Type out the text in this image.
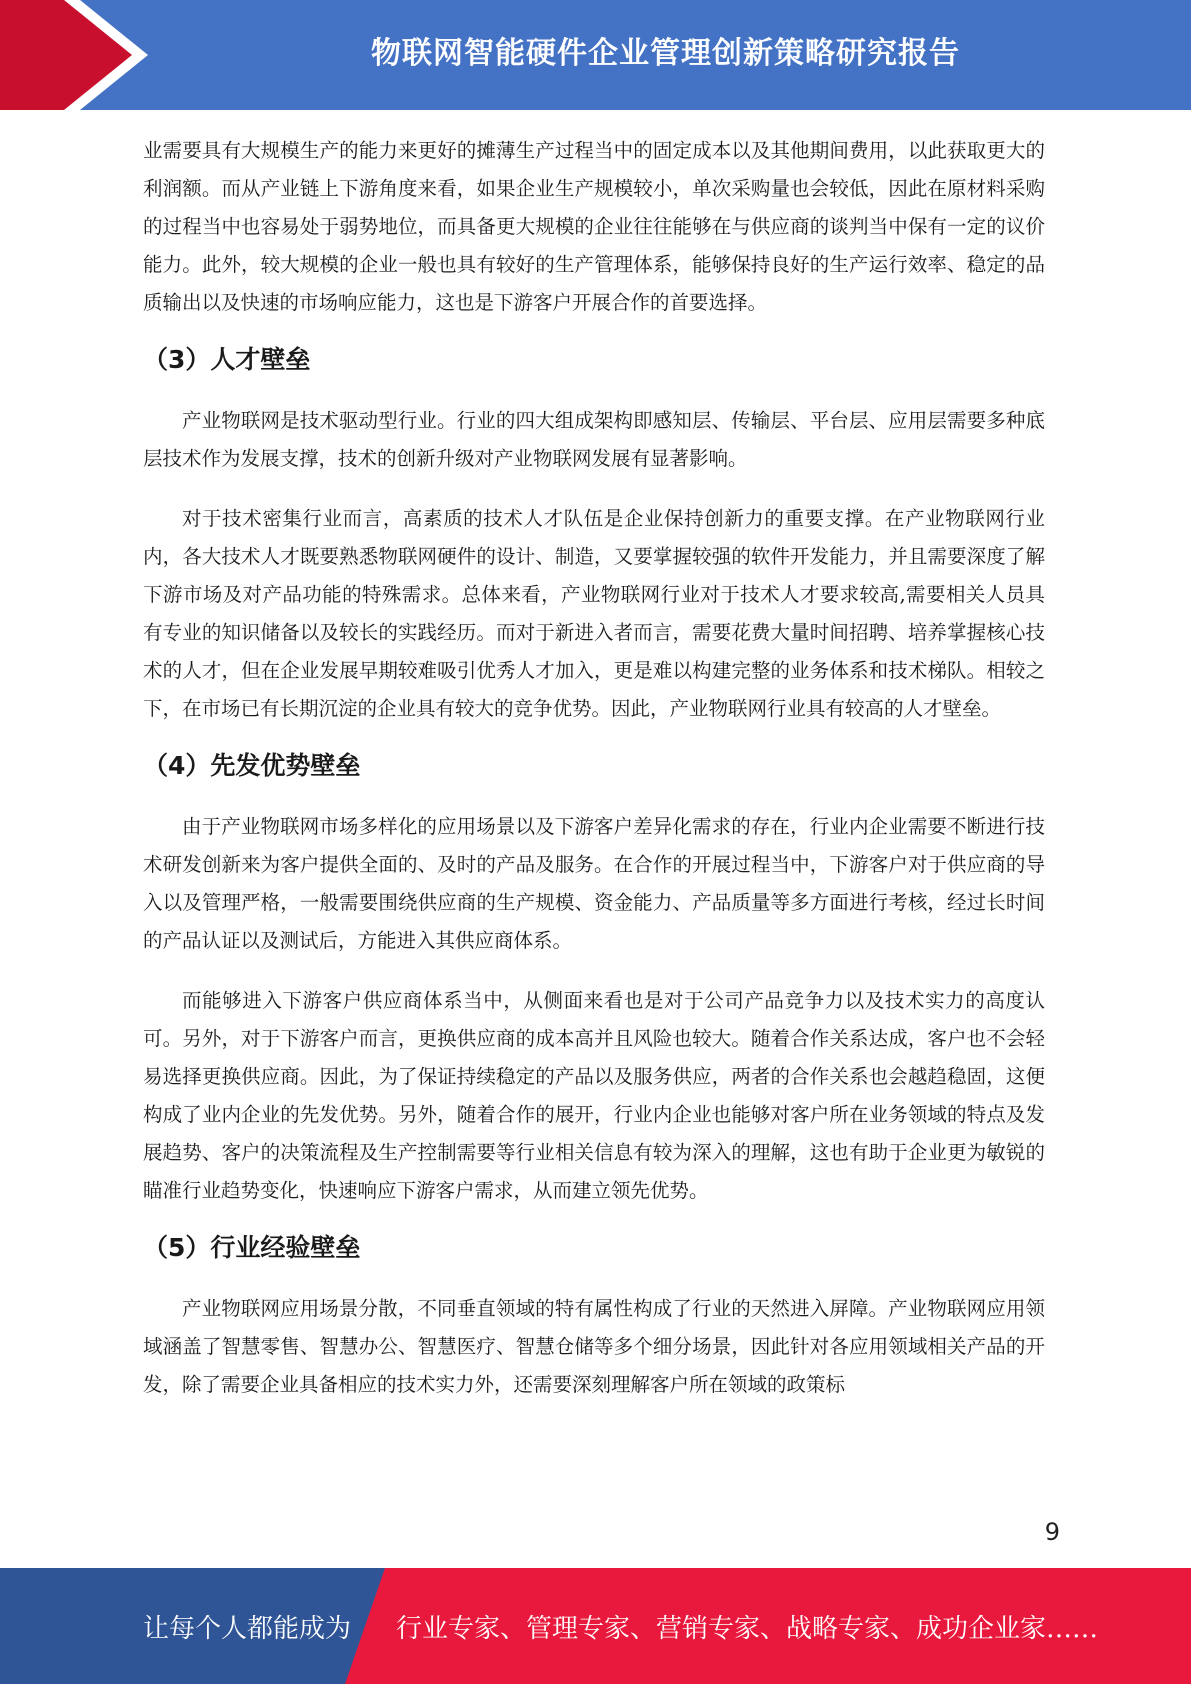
物联网智能硬件企业管理创新策略研究报告

业需要具有大规模生产的能力来更好的摊薄生产过程当中的固定成本以及其他期间费用，以此获取更大的利润额。而从产业链上下游角度来看，如果企业生产规模较小，单次采购量也会较低，因此在原材料采购的过程当中也容易处于弱势地位，而具备更大规模的企业往往能够在与供应商的谈判当中保有一定的议价能力。此外，较大规模的企业一般也具有较好的生产管理体系，能够保持良好的生产运行效率、稳定的品质输出以及快速的市场响应能力，这也是下游客户开展合作的首要选择。

（3）人才壁垒

产业物联网是技术驱动型行业。行业的四大组成架构即感知层、传输层、平台层、应用层需要多种底层技术作为发展支撑，技术的创新升级对产业物联网发展有显著影响。

对于技术密集行业而言，高素质的技术人才队伍是企业保持创新力的重要支撑。在产业物联网行业内，各大技术人才既要熟悉物联网硬件的设计、制造，又要掌握较强的软件开发能力，并且需要深度了解下游市场及对产品功能的特殊需求。总体来看，产业物联网行业对于技术人才要求较高,需要相关人员具有专业的知识储备以及较长的实践经历。而对于新进入者而言，需要花费大量时间招聘、培养掌握核心技术的人才，但在企业发展早期较难吸引优秀人才加入，更是难以构建完整的业务体系和技术梯队。相较之下，在市场已有长期沉淀的企业具有较大的竞争优势。因此，产业物联网行业具有较高的人才壁垒。

（4）先发优势壁垒

由于产业物联网市场多样化的应用场景以及下游客户差异化需求的存在，行业内企业需要不断进行技术研发创新来为客户提供全面的、及时的产品及服务。在合作的开展过程当中，下游客户对于供应商的导入以及管理严格，一般需要围绕供应商的生产规模、资金能力、产品质量等多方面进行考核，经过长时间的产品认证以及测试后，方能进入其供应商体系。

而能够进入下游客户供应商体系当中，从侧面来看也是对于公司产品竞争力以及技术实力的高度认可。另外，对于下游客户而言，更换供应商的成本高并且风险也较大。随着合作关系达成，客户也不会轻易选择更换供应商。因此，为了保证持续稳定的产品以及服务供应，两者的合作关系也会越趋稳固，这便构成了业内企业的先发优势。另外，随着合作的展开，行业内企业也能够对客户所在业务领域的特点及发展趋势、客户的决策流程及生产控制需要等行业相关信息有较为深入的理解，这也有助于企业更为敏锐的瞄准行业趋势变化，快速响应下游客户需求，从而建立领先优势。

（5）行业经验壁垒

产业物联网应用场景分散，不同垂直领域的特有属性构成了行业的天然进入屏障。产业物联网应用领域涵盖了智慧零售、智慧办公、智慧医疗、智慧仓储等多个细分场景，因此针对各应用领域相关产品的开发，除了需要企业具备相应的技术实力外，还需要深刻理解客户所在领域的政策标

9
让每个人都能成为 行业专家、管理专家、营销专家、战略专家、成功企业家……
